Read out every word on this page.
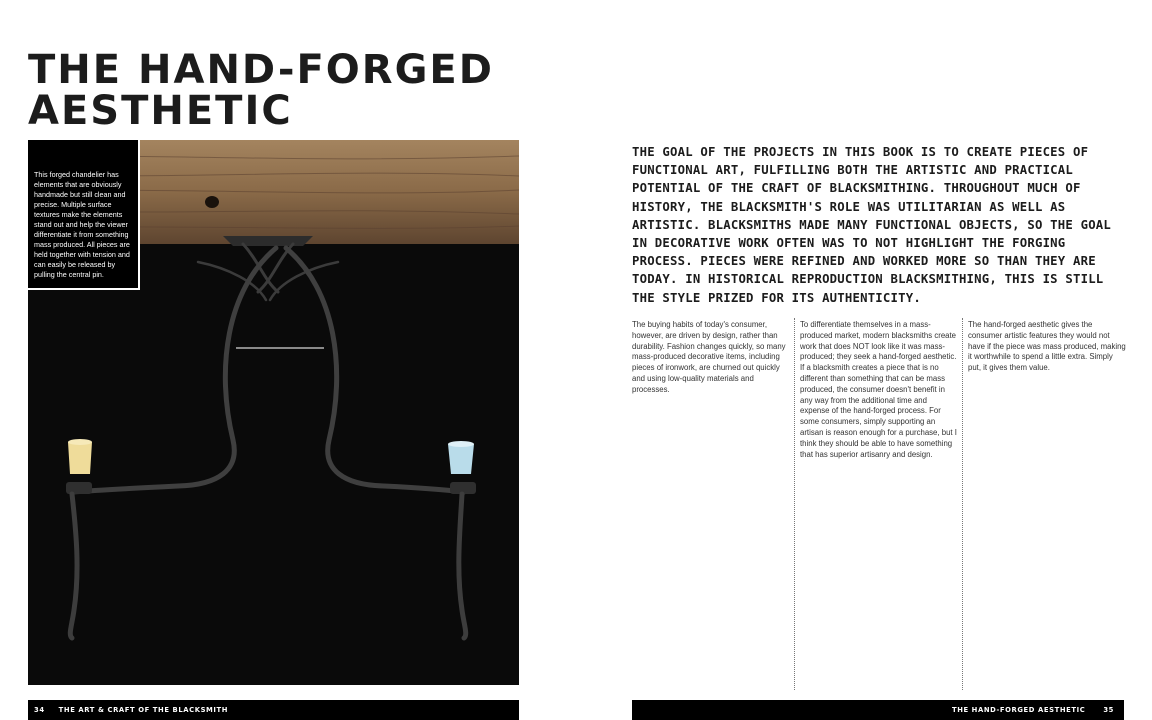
THE HAND-FORGED AESTHETIC
This forged chandelier has elements that are obviously handmade but still clean and precise. Multiple surface textures make the elements stand out and help the viewer differentiate it from something mass produced. All pieces are held together with tension and can easily be released by pulling the central pin.

THE GOAL OF THE PROJECTS IN THIS BOOK IS TO CREATE PIECES OF FUNCTIONAL ART, FULFILLING BOTH THE ARTISTIC AND PRACTICAL POTENTIAL OF THE CRAFT OF BLACKSMITHING. THROUGHOUT MUCH OF HISTORY, THE BLACKSMITH'S ROLE WAS UTILITARIAN AS WELL AS ARTISTIC. BLACKSMITHS MADE MANY FUNCTIONAL OBJECTS, SO THE GOAL IN DECORATIVE WORK OFTEN WAS TO NOT HIGHLIGHT THE FORGING PROCESS. PIECES WERE REFINED AND WORKED MORE SO THAN THEY ARE TODAY. IN HISTORICAL REPRODUCTION BLACKSMITHING, THIS IS STILL THE STYLE PRIZED FOR ITS AUTHENTICITY.

The buying habits of today's consumer, however, are driven by design, rather than durability. Fashion changes quickly, so many mass-produced decorative items, including pieces of ironwork, are churned out quickly and using low-quality materials and processes.
To differentiate themselves in a mass-produced market, modern blacksmiths create work that does NOT look like it was mass-produced; they seek a hand-forged aesthetic. If a blacksmith creates a piece that is no different than something that can be mass produced, the consumer doesn't benefit in any way from the additional time and expense of the hand-forged process. For some consumers, simply supporting an artisan is reason enough for a purchase, but I think they should be able to have something that has superior artisanry and design.
The hand-forged aesthetic gives the consumer artistic features they would not have if the piece was mass produced, making it worthwhile to spend a little extra. Simply put, it gives them value.
34 THE ART & CRAFT OF THE BLACKSMITH	THE HAND-FORGED AESTHETIC	35
